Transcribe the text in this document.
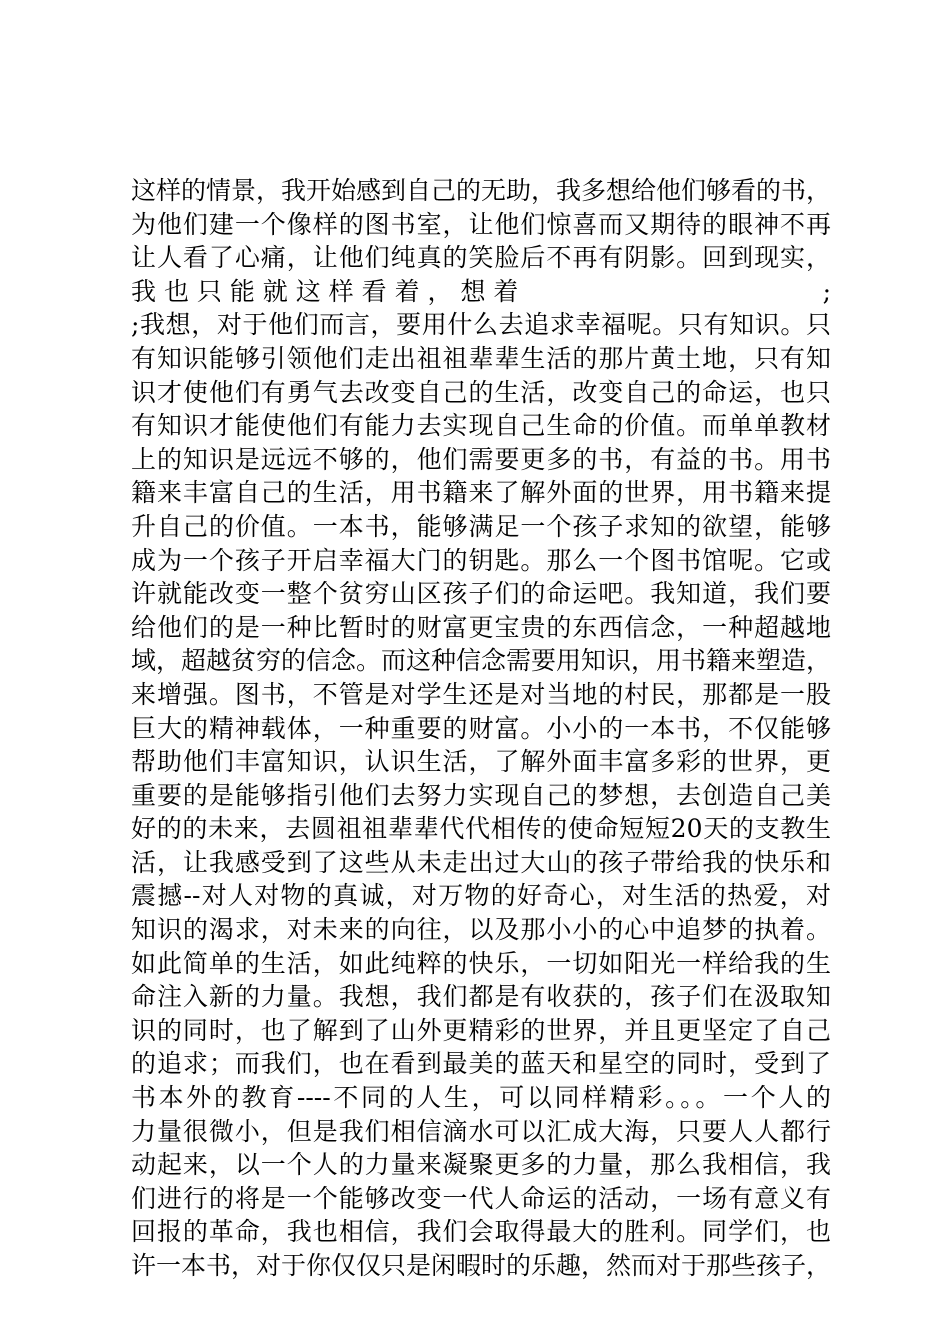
这样的情景，我开始感到自己的无助，我多想给他们够看的书，
为他们建一个像样的图书室，让他们惊喜而又期待的眼神不再
让人看了心痛，让他们纯真的笑脸后不再有阴影。回到现实，
我 也 只 能 就 这 样 看 着 ， 想 着	;
;我想，对于他们而言，要用什么去追求幸福呢。只有知识。只
有知识能够引领他们走出祖祖辈辈生活的那片黄土地，只有知
识才使他们有勇气去改变自己的生活，改变自己的命运，也只
有知识才能使他们有能力去实现自己生命的价值。而单单教材
上的知识是远远不够的，他们需要更多的书，有益的书。用书
籍来丰富自己的生活，用书籍来了解外面的世界，用书籍来提
升自己的价值。一本书，能够满足一个孩子求知的欲望，能够
成为一个孩子开启幸福大门的钥匙。那么一个图书馆呢。它或
许就能改变一整个贫穷山区孩子们的命运吧。我知道，我们要
给他们的是一种比暂时的财富更宝贵的东西信念，一种超越地
域，超越贫穷的信念。而这种信念需要用知识，用书籍来塑造，
来增强。图书，不管是对学生还是对当地的村民，那都是一股
巨大的精神载体，一种重要的财富。小小的一本书，不仅能够
帮助他们丰富知识，认识生活，了解外面丰富多彩的世界，更
重要的是能够指引他们去努力实现自己的梦想，去创造自己美
好的的未来，去圆祖祖辈辈代代相传的使命短短20天的支教生
活，让我感受到了这些从未走出过大山的孩子带给我的快乐和
震撼--对人对物的真诚，对万物的好奇心，对生活的热爱，对
知识的渴求，对未来的向往，以及那小小的心中追梦的执着。
如此简单的生活，如此纯粹的快乐，一切如阳光一样给我的生
命注入新的力量。我想，我们都是有收获的，孩子们在汲取知
识的同时，也了解到了山外更精彩的世界，并且更坚定了自己
的追求；而我们，也在看到最美的蓝天和星空的同时，受到了
书本外的教育----不同的人生，可以同样精彩。。。一个人的
力量很微小，但是我们相信滴水可以汇成大海，只要人人都行
动起来，以一个人的力量来凝聚更多的力量，那么我相信，我
们进行的将是一个能够改变一代人命运的活动，一场有意义有
回报的革命，我也相信，我们会取得最大的胜利。同学们，也
许一本书，对于你仅仅只是闲暇时的乐趣，然而对于那些孩子，
